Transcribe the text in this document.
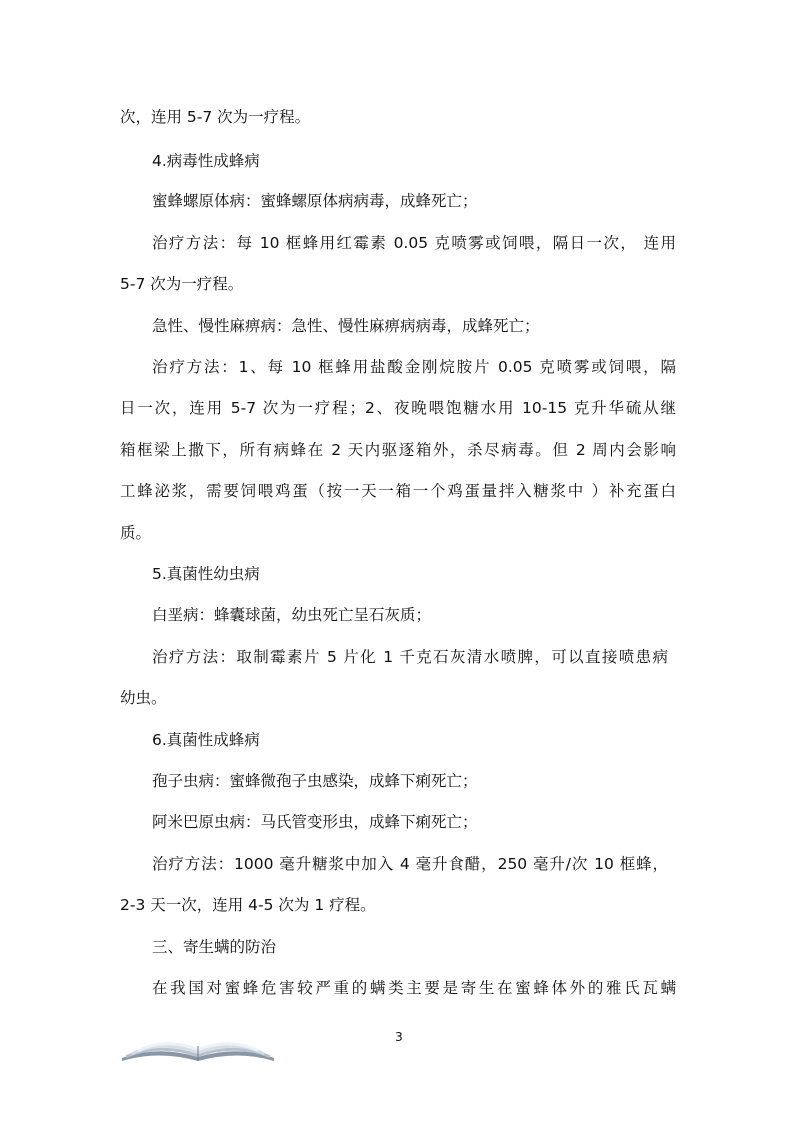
次，连用 5-7 次为一疗程。

4.病毒性成蜂病

蜜蜂螺原体病：蜜蜂螺原体病病毒，成蜂死亡；

治疗方法：每 10 框蜂用红霉素 0.05 克喷雾或饲喂，隔日一次， 连用

5-7 次为一疗程。

急性、慢性麻痹病：急性、慢性麻痹病病毒，成蜂死亡；

治疗方法：1、每 10 框蜂用盐酸金刚烷胺片 0.05 克喷雾或饲喂，隔

日一次，连用 5-7 次为一疗程；2、夜晚喂饱糖水用 10-15 克升华硫从继

箱框梁上撒下，所有病蜂在 2 天内驱逐箱外，杀尽病毒。但 2 周内会影响

工蜂泌浆，需要饲喂鸡蛋（按一天一箱一个鸡蛋量拌入糖浆中 ）补充蛋白

质。

5.真菌性幼虫病

白垩病：蜂囊球菌，幼虫死亡呈石灰质；

治疗方法：取制霉素片 5 片化 1 千克石灰清水喷脾，可以直接喷患病

幼虫。

6.真菌性成蜂病

孢子虫病：蜜蜂微孢子虫感染，成蜂下痢死亡；

阿米巴原虫病：马氏管变形虫，成蜂下痢死亡；

治疗方法：1000 毫升糖浆中加入 4 毫升食醋，250 毫升/次 10 框蜂，

2-3 天一次，连用 4-5 次为 1 疗程。

三、寄生螨的防治

在我国对蜜蜂危害较严重的螨类主要是寄生在蜜蜂体外的雅氏瓦螨

3
